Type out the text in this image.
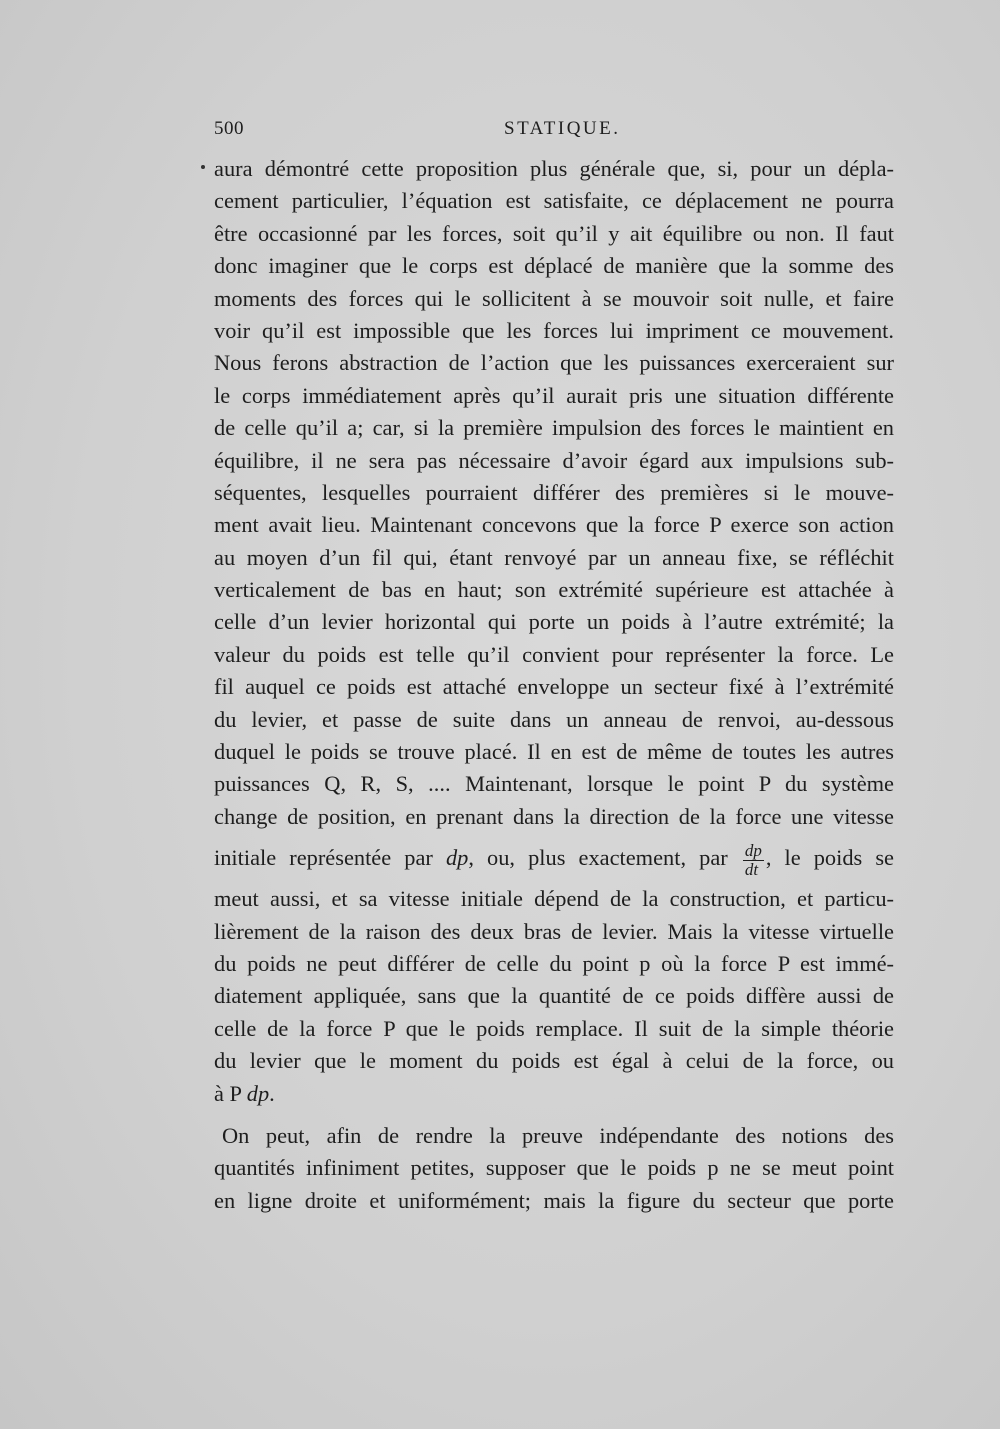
500	STATIQUE.
aura démontré cette proposition plus générale que, si, pour un dépla-
cement particulier, l’équation est satisfaite, ce déplacement ne pourra
être occasionné par les forces, soit qu’il y ait équilibre ou non. Il faut
donc imaginer que le corps est déplacé de manière que la somme des
moments des forces qui le sollicitent à se mouvoir soit nulle, et faire
voir qu’il est impossible que les forces lui impriment ce mouvement.
Nous ferons abstraction de l’action que les puissances exerceraient sur
le corps immédiatement après qu’il aurait pris une situation différente
de celle qu’il a; car, si la première impulsion des forces le maintient en
équilibre, il ne sera pas nécessaire d’avoir égard aux impulsions sub-
séquentes, lesquelles pourraient différer des premières si le mouve-
ment avait lieu. Maintenant concevons que la force P exerce son action
au moyen d’un fil qui, étant renvoyé par un anneau fixe, se réfléchit
verticalement de bas en haut; son extrémité supérieure est attachée à
celle d’un levier horizontal qui porte un poids à l’autre extrémité; la
valeur du poids est telle qu’il convient pour représenter la force. Le
fil auquel ce poids est attaché enveloppe un secteur fixé à l’extrémité
du levier, et passe de suite dans un anneau de renvoi, au-dessous
duquel le poids se trouve placé. Il en est de même de toutes les autres
puissances Q, R, S, .... Maintenant, lorsque le point P du système
change de position, en prenant dans la direction de la force une vitesse
initiale représentée par dp, ou, plus exactement, par $\frac{dp}{dt}$ , le poids se
meut aussi, et sa vitesse initiale dépend de la construction, et particu-
lièrement de la raison des deux bras de levier. Mais la vitesse virtuelle
du poids ne peut différer de celle du point p où la force P est immé-
diatement appliquée, sans que la quantité de ce poids diffère aussi de
celle de la force P que le poids remplace. Il suit de la simple théorie
du levier que le moment du poids est égal à celui de la force, ou
à P dp.
On peut, afin de rendre la preuve indépendante des notions des
quantités infiniment petites, supposer que le poids p ne se meut point
en ligne droite et uniformément; mais la figure du secteur que porte
